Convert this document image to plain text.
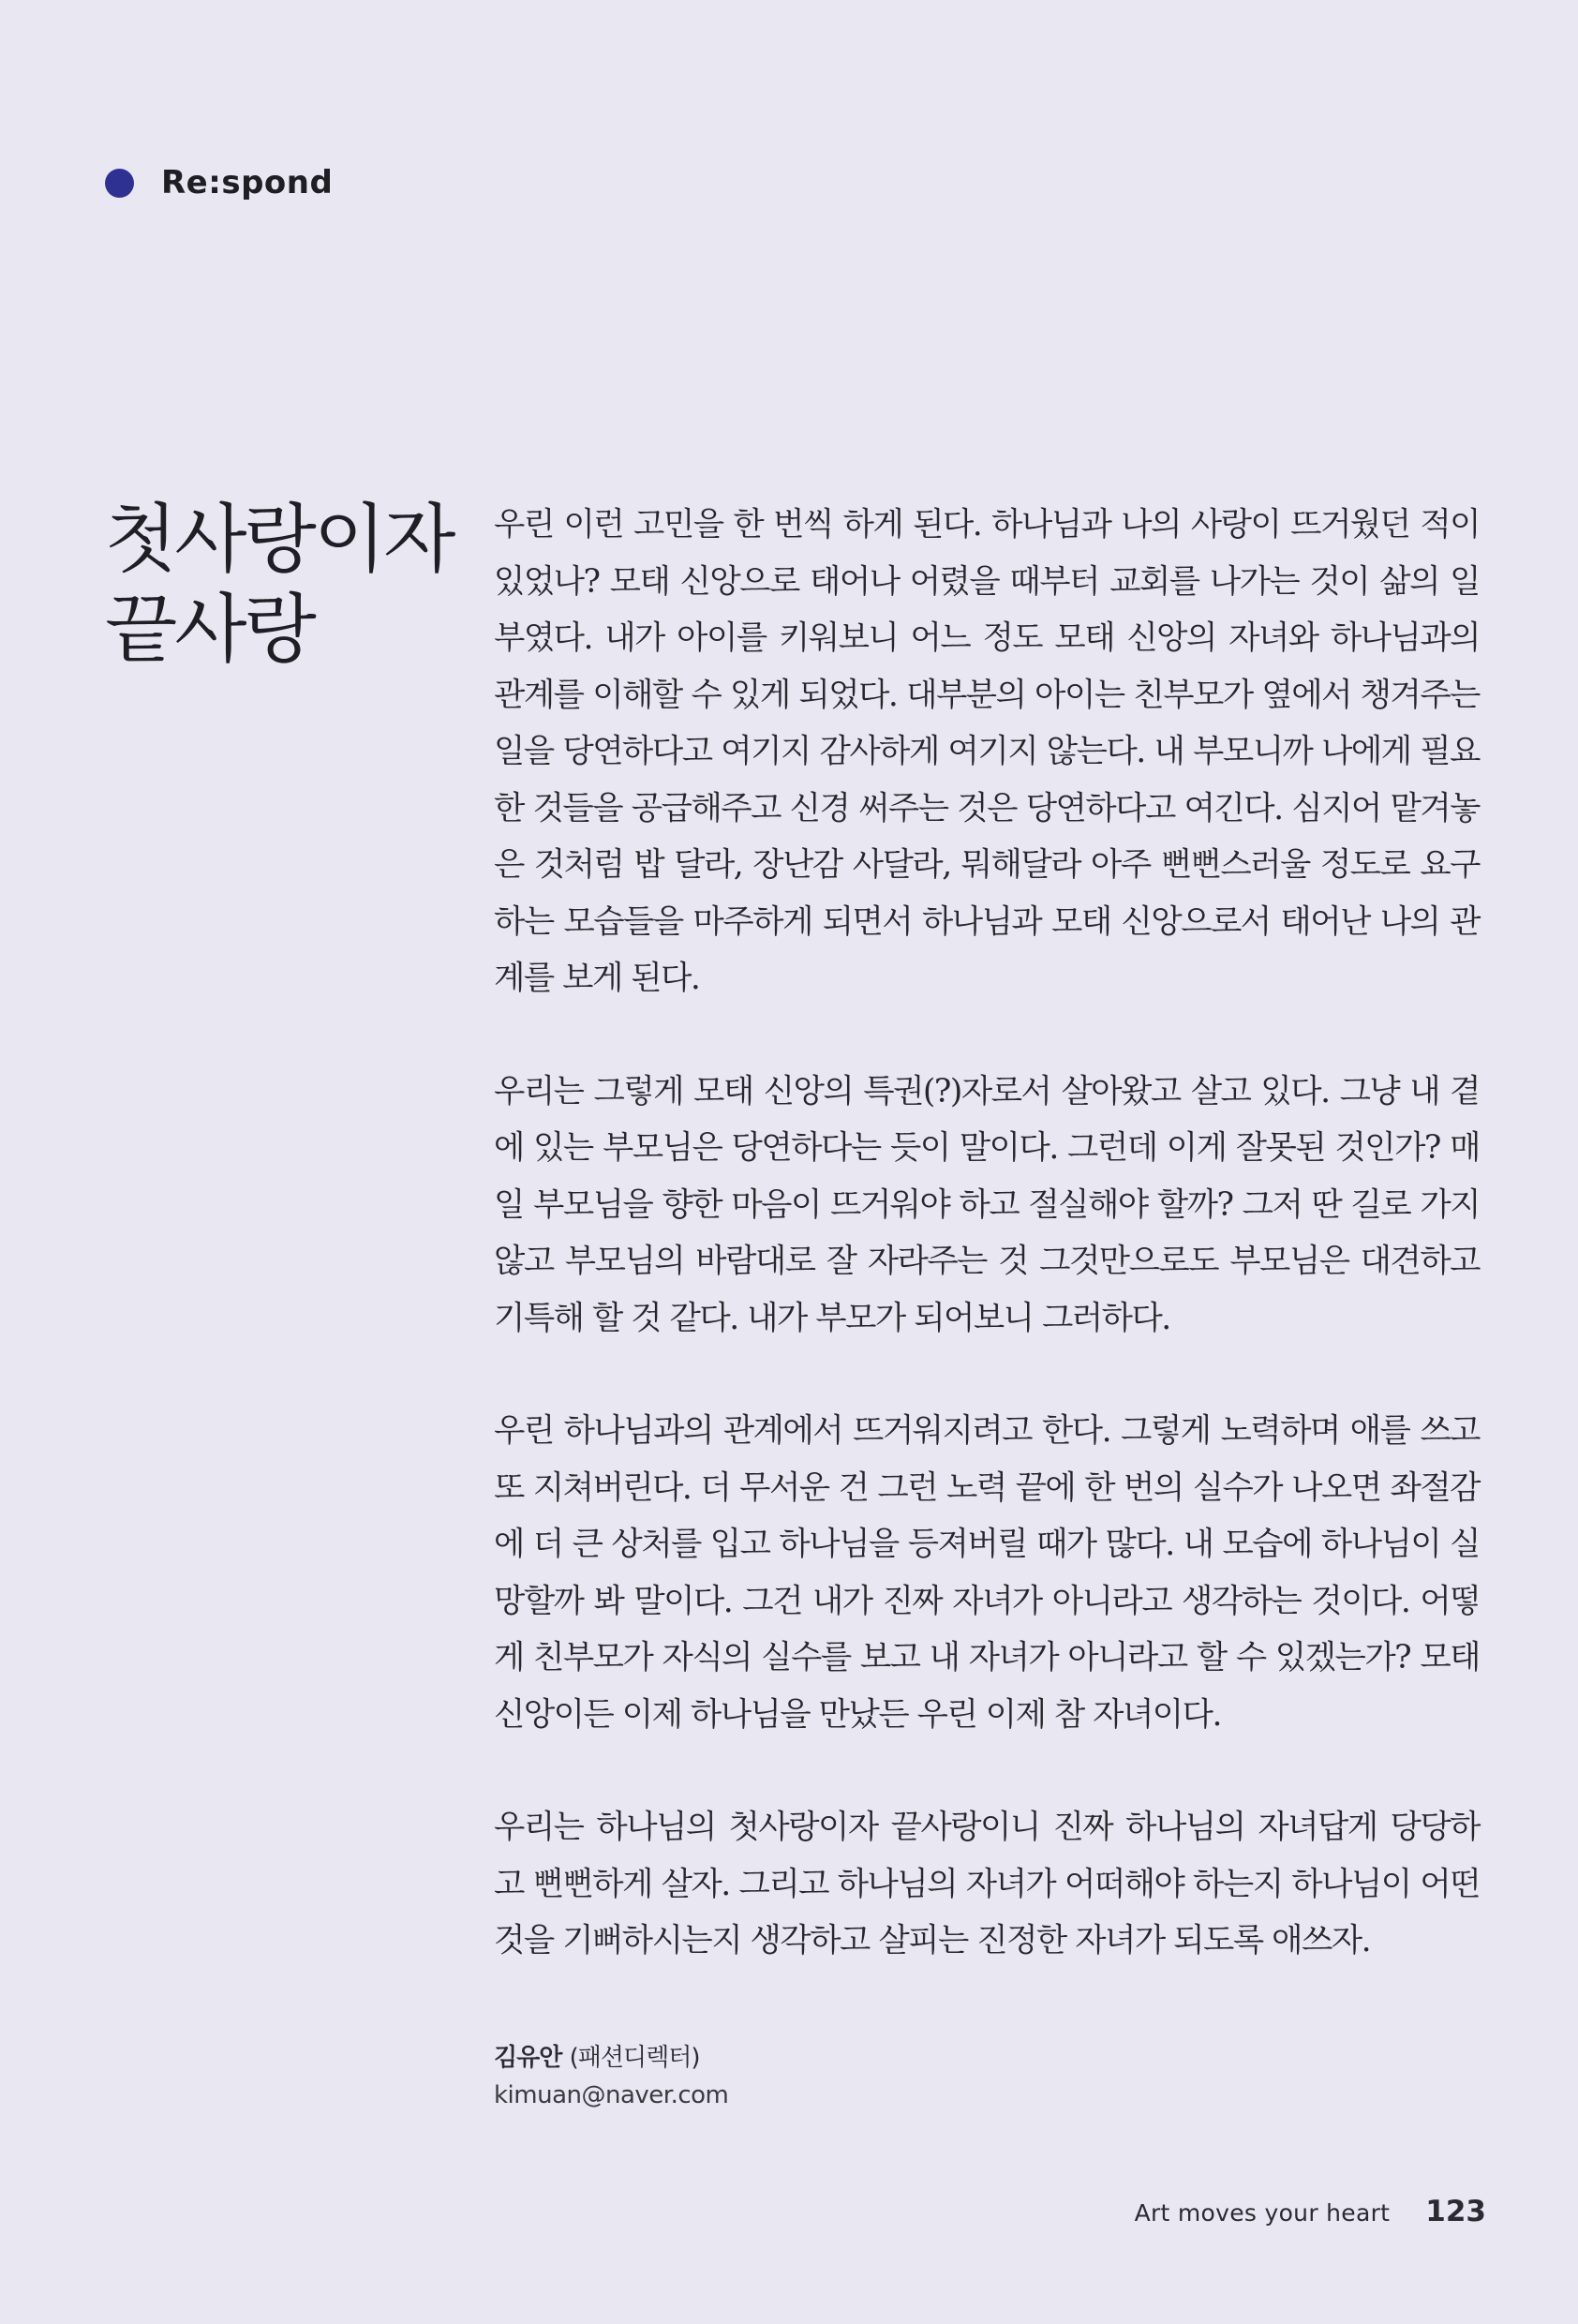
Re:spond
첫사랑이자
끝사랑

우린 이런 고민을 한 번씩 하게 된다. 하나님과 나의 사랑이 뜨거웠던 적이 있었나? 모태 신앙으로 태어나 어렸을 때부터 교회를 나가는 것이 삶의 일부였다. 내가 아이를 키워보니 어느 정도 모태 신앙의 자녀와 하나님과의 관계를 이해할 수 있게 되었다. 대부분의 아이는 친부모가 옆에서 챙겨주는 일을 당연하다고 여기지 감사하게 여기지 않는다. 내 부모니까 나에게 필요한 것들을 공급해주고 신경 써주는 것은 당연하다고 여긴다. 심지어 맡겨놓은 것처럼 밥 달라, 장난감 사달라, 뭐해달라 아주 뻔뻔스러울 정도로 요구하는 모습들을 마주하게 되면서 하나님과 모태 신앙으로서 태어난 나의 관계를 보게 된다.

우리는 그렇게 모태 신앙의 특권(?)자로서 살아왔고 살고 있다. 그냥 내 곁에 있는 부모님은 당연하다는 듯이 말이다. 그런데 이게 잘못된 것인가? 매일 부모님을 향한 마음이 뜨거워야 하고 절실해야 할까? 그저 딴 길로 가지 않고 부모님의 바람대로 잘 자라주는 것 그것만으로도 부모님은 대견하고 기특해 할 것 같다. 내가 부모가 되어보니 그러하다.

우린 하나님과의 관계에서 뜨거워지려고 한다. 그렇게 노력하며 애를 쓰고 또 지쳐버린다. 더 무서운 건 그런 노력 끝에 한 번의 실수가 나오면 좌절감에 더 큰 상처를 입고 하나님을 등져버릴 때가 많다. 내 모습에 하나님이 실망할까 봐 말이다. 그건 내가 진짜 자녀가 아니라고 생각하는 것이다. 어떻게 친부모가 자식의 실수를 보고 내 자녀가 아니라고 할 수 있겠는가? 모태 신앙이든 이제 하나님을 만났든 우린 이제 참 자녀이다.

우리는 하나님의 첫사랑이자 끝사랑이니 진짜 하나님의 자녀답게 당당하고 뻔뻔하게 살자. 그리고 하나님의 자녀가 어떠해야 하는지 하나님이 어떤 것을 기뻐하시는지 생각하고 살피는 진정한 자녀가 되도록 애쓰자.

김유안 (패션디렉터)
kimuan@naver.com
Art moves your heart 123
